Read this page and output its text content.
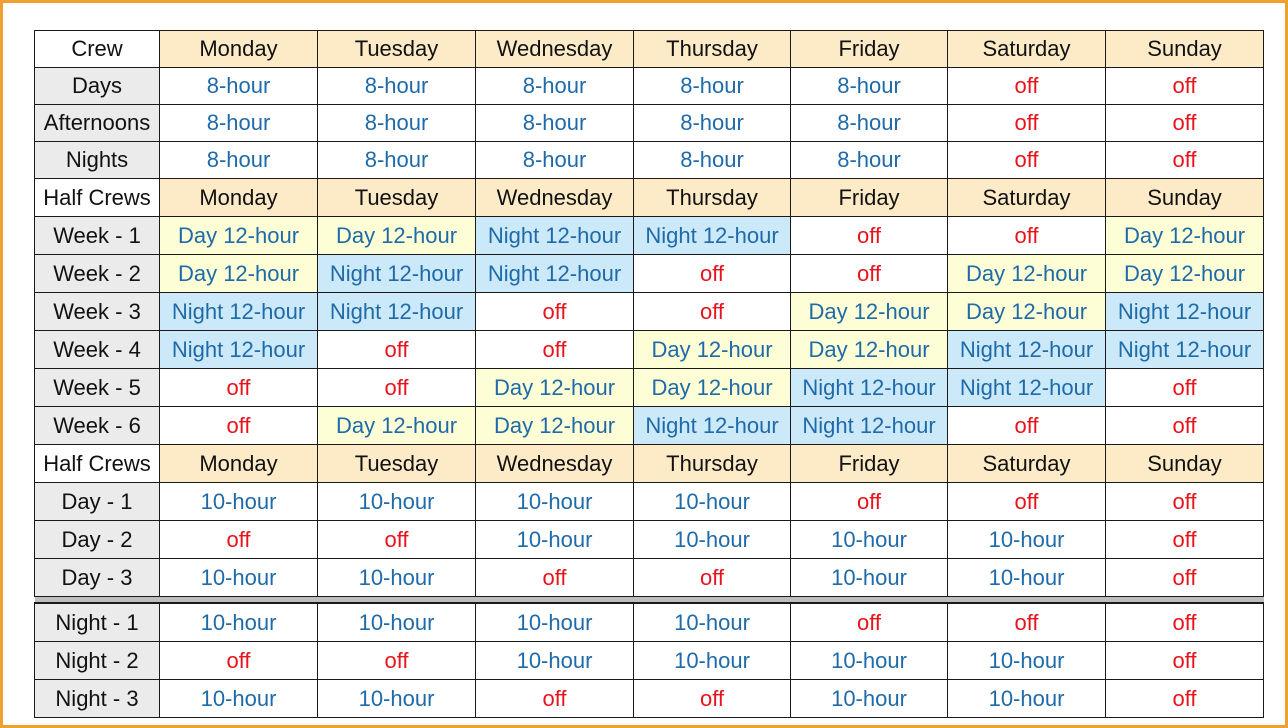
Crew	Monday	Tuesday	Wednesday	Thursday	Friday	Saturday	Sunday
Days	8-hour	8-hour	8-hour	8-hour	8-hour	off	off
Afternoons	8-hour	8-hour	8-hour	8-hour	8-hour	off	off
Nights	8-hour	8-hour	8-hour	8-hour	8-hour	off	off
Half Crews	Monday	Tuesday	Wednesday	Thursday	Friday	Saturday	Sunday
Week - 1	Day 12-hour	Day 12-hour	Night 12-hour	Night 12-hour	off	off	Day 12-hour
Week - 2	Day 12-hour	Night 12-hour	Night 12-hour	off	off	Day 12-hour	Day 12-hour
Week - 3	Night 12-hour	Night 12-hour	off	off	Day 12-hour	Day 12-hour	Night 12-hour
Week - 4	Night 12-hour	off	off	Day 12-hour	Day 12-hour	Night 12-hour	Night 12-hour
Week - 5	off	off	Day 12-hour	Day 12-hour	Night 12-hour	Night 12-hour	off
Week - 6	off	Day 12-hour	Day 12-hour	Night 12-hour	Night 12-hour	off	off
Half Crews	Monday	Tuesday	Wednesday	Thursday	Friday	Saturday	Sunday
Day - 1	10-hour	10-hour	10-hour	10-hour	off	off	off
Day - 2	off	off	10-hour	10-hour	10-hour	10-hour	off
Day - 3	10-hour	10-hour	off	off	10-hour	10-hour	off

Night - 1	10-hour	10-hour	10-hour	10-hour	off	off	off
Night - 2	off	off	10-hour	10-hour	10-hour	10-hour	off
Night - 3	10-hour	10-hour	off	off	10-hour	10-hour	off
